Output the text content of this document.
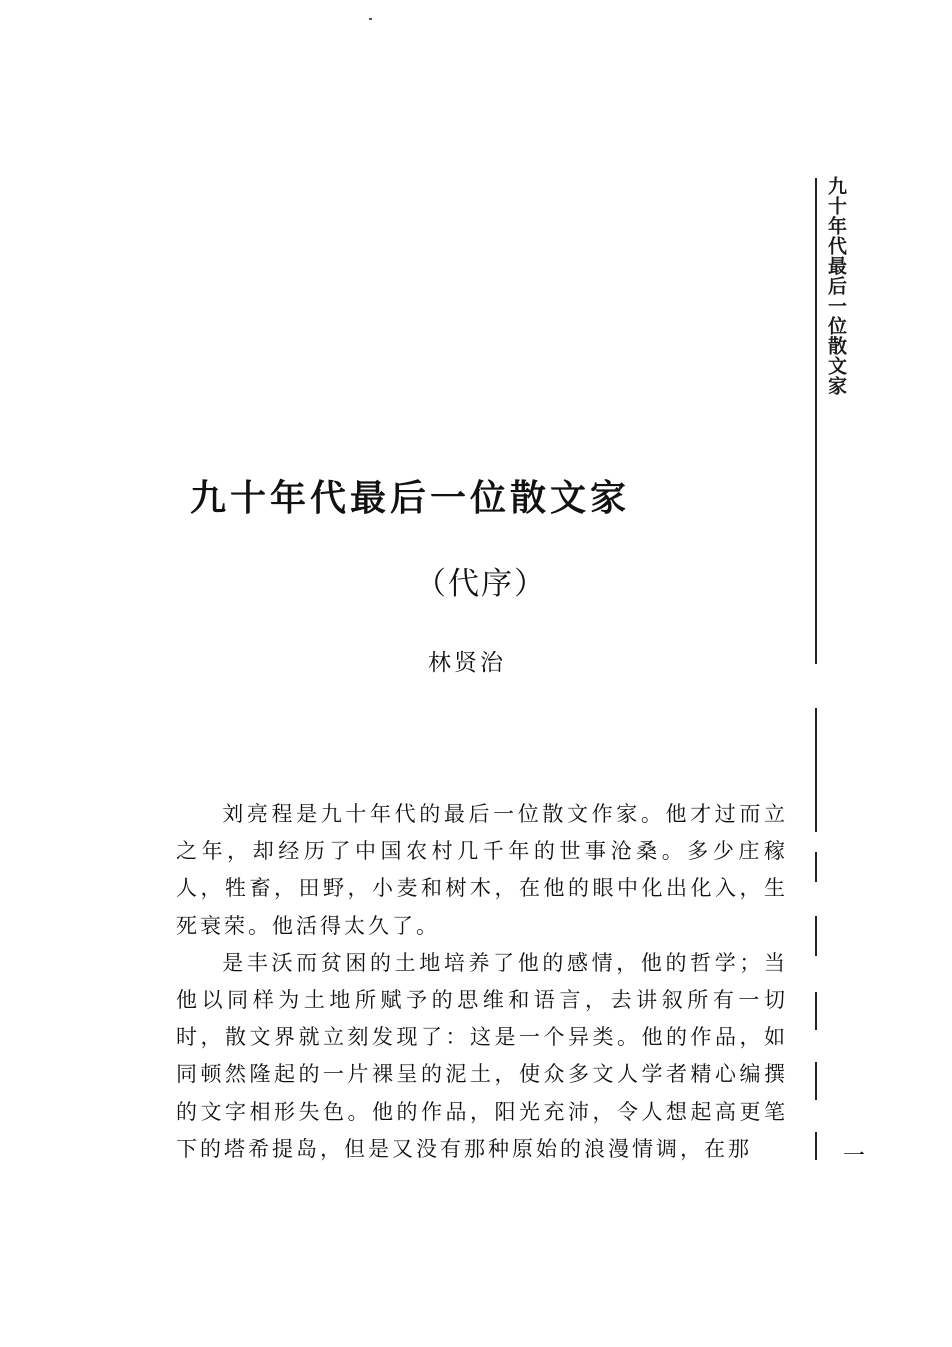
九十年代最后一位散文家
一
九十年代最后一位散文家
（代序）
林贤治

刘亮程是九十年代的最后一位散文作家。他才过而立之年，却经历了中国农村几千年的世事沧桑。多少庄稼人，牲畜，田野，小麦和树木，在他的眼中化出化入，生死衰荣。他活得太久了。

是丰沃而贫困的土地培养了他的感情，他的哲学；当他以同样为土地所赋予的思维和语言，去讲叙所有一切时，散文界就立刻发现了：这是一个异类。他的作品，如同顿然隆起的一片裸呈的泥土，使众多文人学者精心编撰的文字相形失色。他的作品，阳光充沛，令人想起高更笔下的塔希提岛，但是又没有那种原始的浪漫情调，在那
